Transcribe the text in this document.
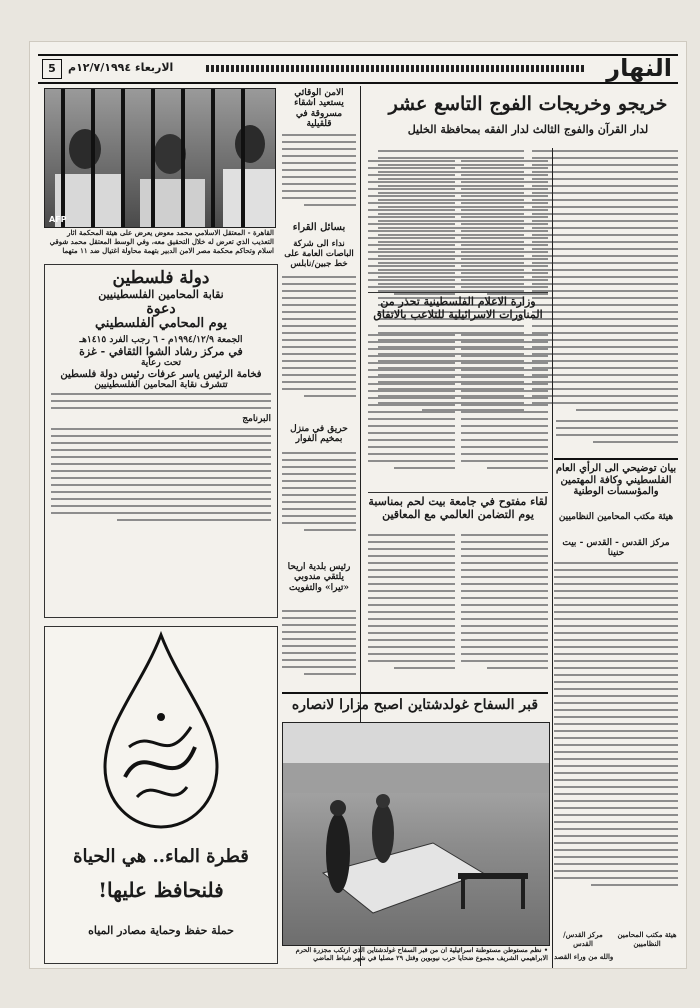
النهار
الاربعاء ١٢/٧/١٩٩٤م
5
خريجو وخريجات الفوج التاسع عشر
لدار القرآن والفوج الثالث لدار الفقه بمحافظة الخليل
AFP
القاهرة - المعتقل الاسلامي محمد معوض يعرض على هيئة المحكمة اثار التعذيب الذي تعرض له خلال التحقيق معه، وفي الوسط المعتقل محمد شوقي اسلام وتحاكم محكمة مصر الامن الدبير بتهمة محاولة اغتيال ضد ١١ متهما
الامن الوقائي يستعيد اشقاء مسروقة في قلقيلية
بسائل القراء
نداء الى شركة الباصات العامة على خط جبين/نابلس
دولة فلسطين
نقابة المحامين الفلسطينيين
دعوة
يوم المحامي الفلسطيني
الجمعة ١٩٩٤/١٢/٩م - ٦ رجب الفرد ١٤١٥هـ
في مركز رشاد الشوا الثقافي - غزة
تحت رعاية
فخامة الرئيس ياسر عرفات رئيس دولة فلسطين
تتشرف نقابة المحامين الفلسطينيين
البرنامج
قطرة الماء.. هي الحياة
فلنحافظ عليها!
حملة حفظ وحماية مصادر المياه
وزارة الاعلام الفلسطينية تحذر من المناورات الاسرائيلية للتلاعب بالاتفاق
حريق في منزل بمخيم الفوار
رئيس بلدية اريحا يلتقي مندوبي «تيرا» والتفويت
لقاء مفتوح في جامعة بيت لحم بمناسبة يوم التضامن العالمي مع المعاقين
قبر السفاح غولدشتاين اصبح مزارا لانصاره
• نظم مستوطن مستوطنة اسرائيلية ان من قبر السفاح غولدشتاين الذي ارتكب مجزرة الحرم الابراهيمي الشريف مجموع ضحايا حرب نيوبوين وقتل ٢٩ مصليا في شهر شباط الماضي
بيان توضيحي الى الرأي العام الفلسطيني وكافة المهتمين والمؤسسات الوطنية
هيئة مكتب المحامين النظاميين
مركز القدس - القدس - بيت حنينا
هيئة مكتب المحامين النظاميين
مركز القدس/القدس
والله من وراء القصد
